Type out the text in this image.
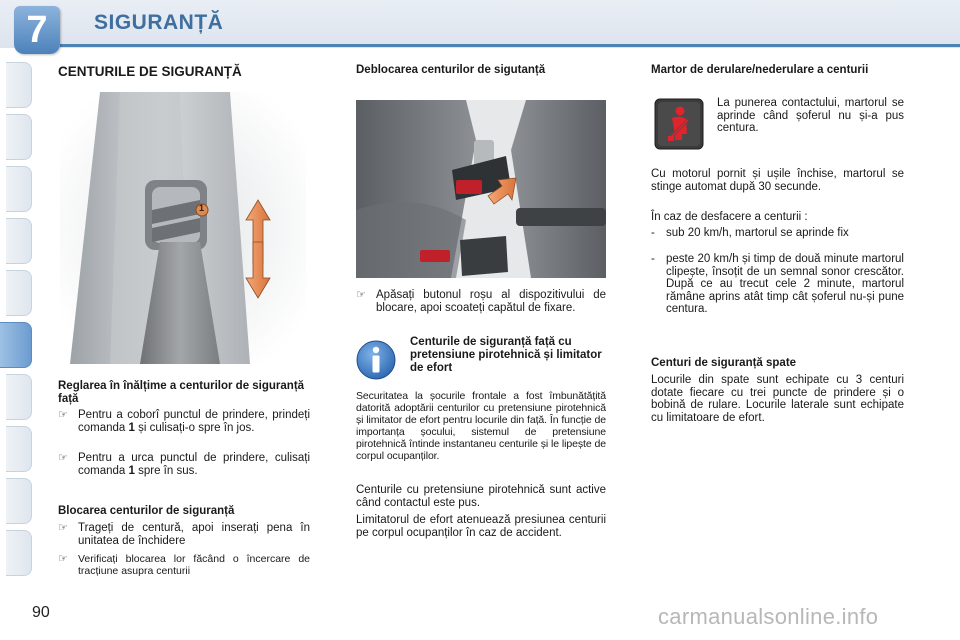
7	SIGURANȚĂ
CENTURILE DE SIGURANȚĂ
1
Reglarea în înălțime a centurilor de siguranță față
☞ Pentru a coborî punctul de prindere, prindeți comanda 1 și culisați-o spre în jos.
☞ Pentru a urca punctul de prindere, culisați comanda 1 spre în sus.
Blocarea centurilor de siguranță
☞ Trageți de centură, apoi inserați pena în unitatea de închidere
☞ Verificați blocarea lor făcând o încercare de tracțiune asupra centurii
Deblocarea centurilor de sigutanță
☞ Apăsați butonul roșu al dispozitivului de blocare, apoi scoateți capătul de fixare.
Centurile de siguranță față cu pretensiune pirotehnică și limitator de efort
Securitatea la șocurile frontale a fost îmbunătățită datorită adoptării centurilor cu pretensiune pirotehnică și limitator de efort pentru locurile din față. În funcție de importanța șocului, sistemul de pretensiune pirotehnică întinde instantaneu centurile și le lipește de corpul ocupanților.
Centurile cu pretensiune pirotehnică sunt active când contactul este pus.
Limitatorul de efort atenuează presiunea centurii pe corpul ocupanților în caz de accident.
Martor de derulare/nederulare a centurii
La punerea contactului, martorul se aprinde când șoferul nu și-a pus centura.
Cu motorul pornit și ușile închise, martorul se stinge automat după 30 secunde.
În caz de desfacere a centurii :
- sub 20 km/h, martorul se aprinde fix
- peste 20 km/h și timp de două minute martorul clipește, însoțit de un semnal sonor crescător. După ce au trecut cele 2 minute, martorul rămâne aprins atât timp cât șoferul nu-și pune centura.
Centuri de siguranță spate
Locurile din spate sunt echipate cu 3 centuri dotate fiecare cu trei puncte de prindere și o bobină de rulare. Locurile laterale sunt echipate cu limitatoare de efort.
90	carmanualsonline.info
